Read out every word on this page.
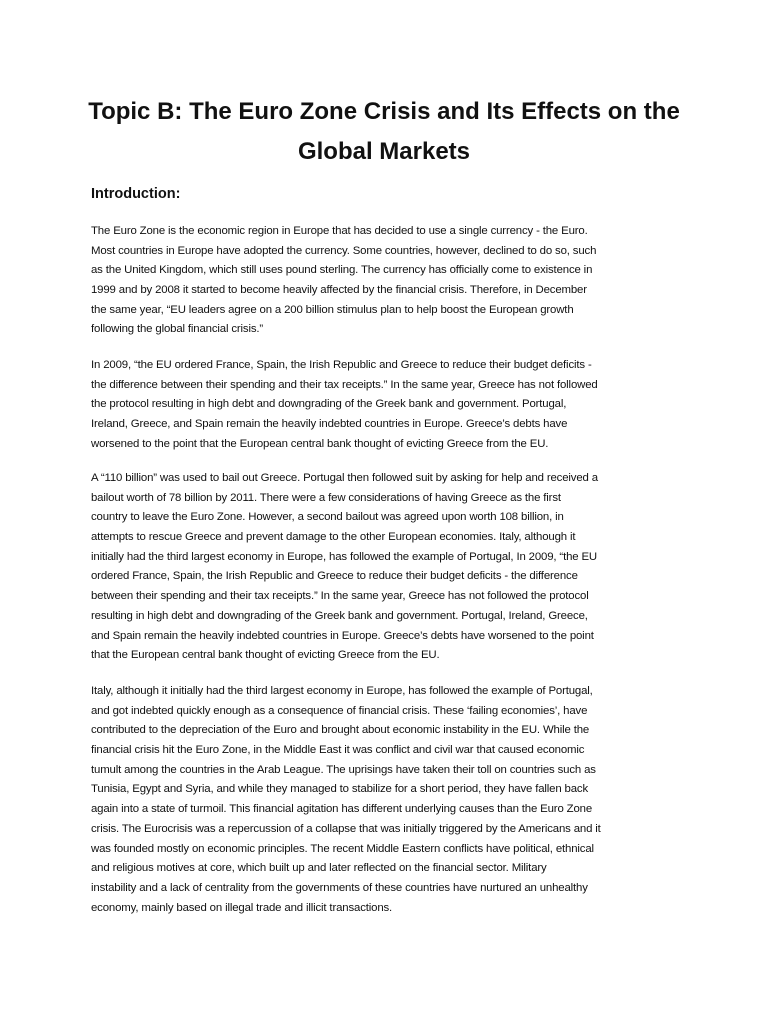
Topic B: The Euro Zone Crisis and Its Effects on the
Global Markets
Introduction:
The Euro Zone is the economic region in Europe that has decided to use a single currency - the Euro.
Most countries in Europe have adopted the currency. Some countries, however, declined to do so, such
as the United Kingdom, which still uses pound sterling. The currency has officially come to existence in
1999 and by 2008 it started to become heavily affected by the financial crisis. Therefore, in December
the same year, “EU leaders agree on a 200 billion stimulus plan to help boost the European growth
following the global financial crisis.”
In 2009, “the EU ordered France, Spain, the Irish Republic and Greece to reduce their budget deficits -
the difference between their spending and their tax receipts.” In the same year, Greece has not followed
the protocol resulting in high debt and downgrading of the Greek bank and government. Portugal,
Ireland, Greece, and Spain remain the heavily indebted countries in Europe. Greece’s debts have
worsened to the point that the European central bank thought of evicting Greece from the EU.
A “110 billion” was used to bail out Greece. Portugal then followed suit by asking for help and received a
bailout worth of 78 billion by 2011. There were a few considerations of having Greece as the first
country to leave the Euro Zone. However, a second bailout was agreed upon worth 108 billion, in
attempts to rescue Greece and prevent damage to the other European economies. Italy, although it
initially had the third largest economy in Europe, has followed the example of Portugal, In 2009, “the EU
ordered France, Spain, the Irish Republic and Greece to reduce their budget deficits - the difference
between their spending and their tax receipts.” In the same year, Greece has not followed the protocol
resulting in high debt and downgrading of the Greek bank and government. Portugal, Ireland, Greece,
and Spain remain the heavily indebted countries in Europe. Greece’s debts have worsened to the point
that the European central bank thought of evicting Greece from the EU.
Italy, although it initially had the third largest economy in Europe, has followed the example of Portugal,
and got indebted quickly enough as a consequence of financial crisis. These ‘failing economies’, have
contributed to the depreciation of the Euro and brought about economic instability in the EU. While the
financial crisis hit the Euro Zone, in the Middle East it was conflict and civil war that caused economic
tumult among the countries in the Arab League. The uprisings have taken their toll on countries such as
Tunisia, Egypt and Syria, and while they managed to stabilize for a short period, they have fallen back
again into a state of turmoil. This financial agitation has different underlying causes than the Euro Zone
crisis. The Eurocrisis was a repercussion of a collapse that was initially triggered by the Americans and it
was founded mostly on economic principles. The recent Middle Eastern conflicts have political, ethnical
and religious motives at core, which built up and later reflected on the financial sector. Military
instability and a lack of centrality from the governments of these countries have nurtured an unhealthy
economy, mainly based on illegal trade and illicit transactions.
